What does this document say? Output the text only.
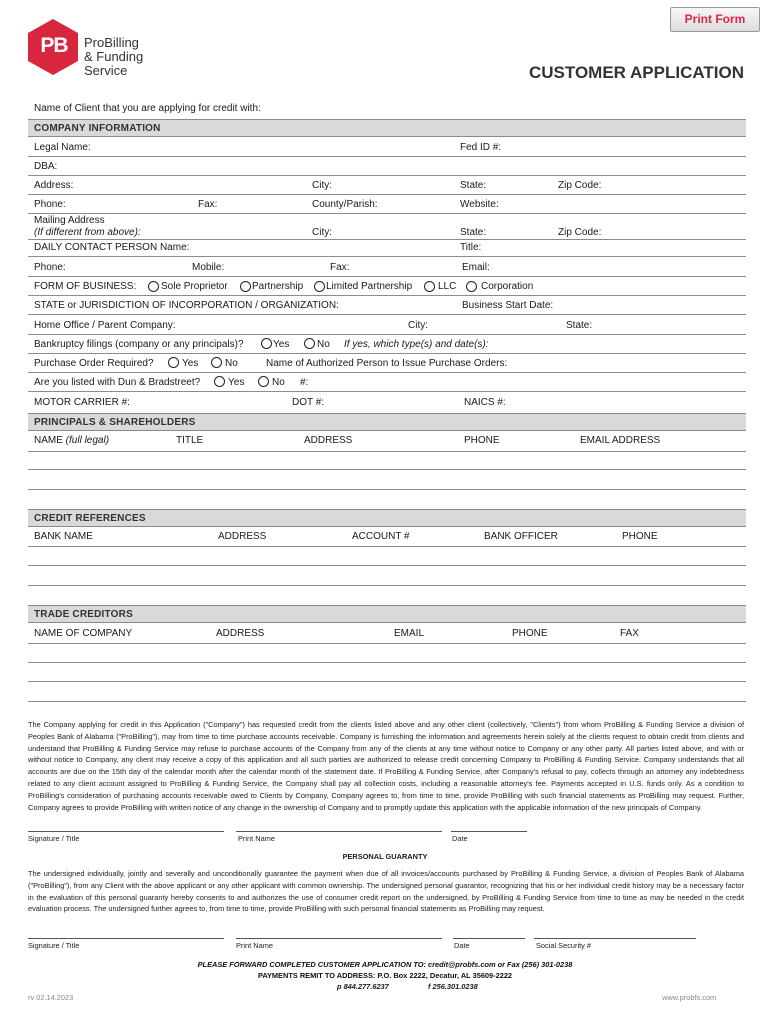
Print Form
PB	ProBilling
& Funding Service	CUSTOMER APPLICATION
Name of Client that you are applying for credit with:
COMPANY INFORMATION
Legal Name:	Fed ID #:
DBA:
Address:	City:	State:	Zip Code:
Phone:	Fax:	County/Parish:	Website:
Mailing Address
(If different from above):	City:	State:	Zip Code:
DAILY CONTACT PERSON Name:	Title:
Phone:	Mobile:	Fax:	Email:
FORM OF BUSINESS: Sole Proprietor Partnership Limited Partnership	LLC Corporation
STATE or JURISDICTION OF INCORPORATION / ORGANIZATION:	Business Start Date:
Home Office / Parent Company:	City:	State:
Bankruptcy filings (company or any principals)?	Yes	No If yes, which type(s) and date(s):
Purchase Order Required?	Yes	No	Name of Authorized Person to Issue Purchase Orders:
Are you listed with Dun & Bradstreet?	Yes	No #:
MOTOR CARRIER #:	DOT #:	NAICS #:
PRINCIPALS & SHAREHOLDERS
NAME (full legal)	TITLE	ADDRESS	PHONE	EMAIL ADDRESS
CREDIT REFERENCES
BANK NAME	ADDRESS	ACCOUNT #	BANK OFFICER	PHONE
TRADE CREDITORS
NAME OF COMPANY	ADDRESS	EMAIL	PHONE	FAX
The Company applying for credit in this Application ("Company") has requested credit from the clients listed above and any other client (collectively, "Clients") from whom ProBilling & Funding Service a division of Peoples Bank of Alabama ("ProBilling"), may from time to time purchase accounts receivable. Company is furnishing the information and agreements herein solely at the clients request to obtain credit from clients and understand that ProBilling & Funding Service may refuse to purchase accounts of the Company from any of the clients at any time without notice to Company or any other party. All parties listed above, and with or without notice to Company, any client may receive a copy of this application and all such parties are authorized to release credit concerning Company to ProBilling & Funding Service. Company understands that all accounts are due on the 15th day of the calendar month after the calendar month of the statement date. If ProBilling & Funding Service, after Company's refusal to pay, collects through an attorney any indebtedness related to any client account assigned to ProBilling & Funding Service, the Company shall pay all collection costs, including a reasonable attorney's fee. Payments accepted in U.S. funds only. As a condition to ProBilling's consideration of purchasing accounts receivable owed to Clients by Company, Company agrees to, from time to time, provide ProBilling with such financial statements as ProBilling may request. Further, Company agrees to provide ProBilling with written notice of any change in the ownership of Company and to promptly update this application with the applicable information of the new principals of Company.
Signature / Title	Print Name	Date
PERSONAL GUARANTY
The undersigned individually, jointly and severally and unconditionally guarantee the payment when due of all invoices/accounts purchased by ProBilling & Funding Service, a division of Peoples Bank of Alabama ("ProBilling"), from any Client with the above applicant or any other applicant with common ownership. The undersigned personal guarantor, recognizing that his or her individual credit history may be a necessary factor in the evaluation of this personal guaranty hereby consents to and authorizes the use of consumer credit report on the undersigned, by ProBilling & Funding Service from time to time as may be needed in the credit evaluation process. The undersigned further agrees to, from time to time, provide ProBilling with such personal financial statements as ProBilling may request.
Signature / Title	Print Name	Date	Social Security #
PLEASE FORWARD COMPLETED CUSTOMER APPLICATION TO: credit@probfs.com or Fax (256) 301-0238
PAYMENTS REMIT TO ADDRESS: P.O. Box 2222, Decatur, AL 35609-2222
p 844.277.6237	f 256.301.0238
rv 02.14.2023	www.probfs.com
